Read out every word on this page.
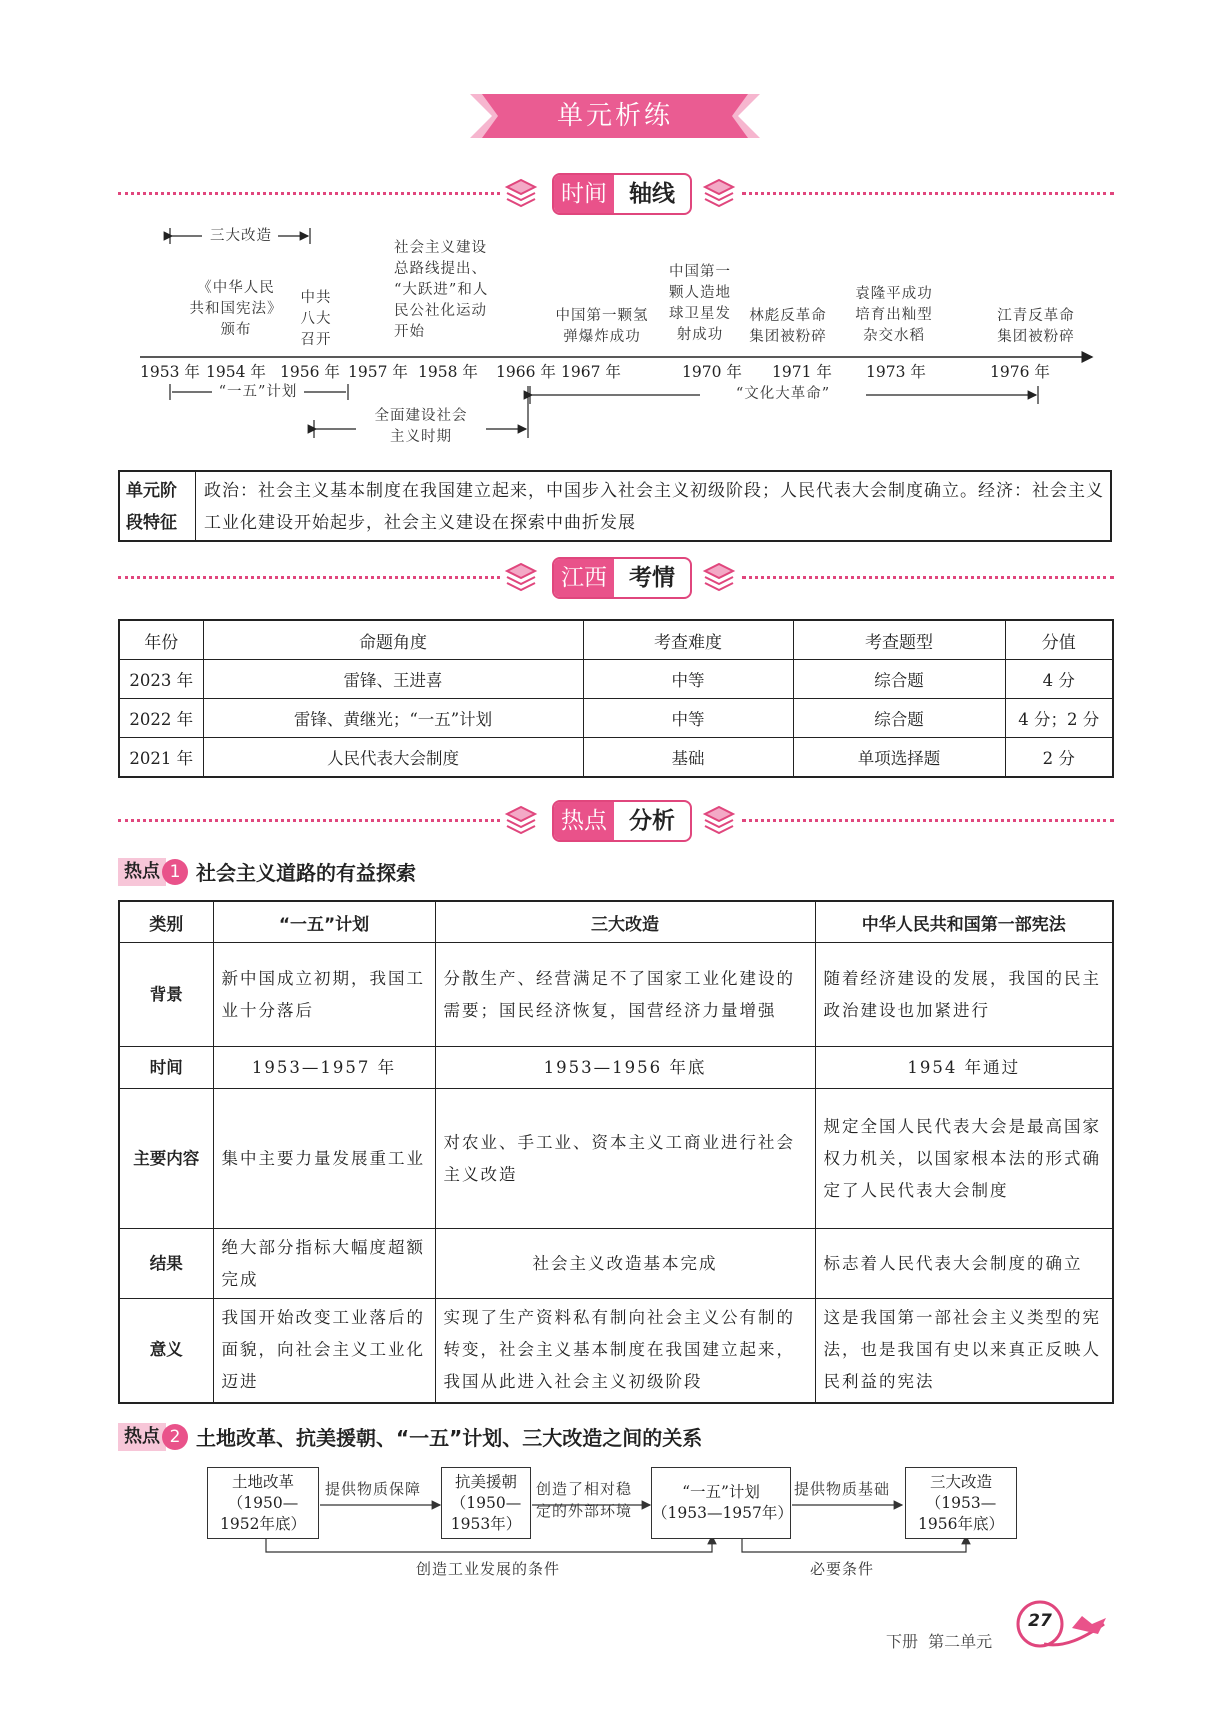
单元析练
时间 轴线
1953 年 1954 年 1956 年 1957 年 1958 年 1966 年 1967 年	1970 年 1971 年 1973 年	1976 年
三大改造
《中华人民
共和国宪法》
颁布
中共
八大
召开
社会主义建设
总路线提出、
“大跃进”和人
民公社化运动
开始
中国第一颗氢
弹爆炸成功
中国第一
颗人造地
球卫星发
射成功
林彪反革命
集团被粉碎
袁隆平成功
培育出籼型
杂交水稻
江青反革命
集团被粉碎
“一五”计划
全面建设社会
主义时期
“文化大革命”
单元阶段特征
政治：社会主义基本制度在我国建立起来，中国步入社会主义初级阶段；人民代表大会制度确立。经济：社会主义工业化建设开始起步，社会主义建设在探索中曲折发展
江西 考情
年份	命题角度	考查难度	考查题型	分值
2023 年	雷锋、王进喜	中等	综合题	4 分
2022 年	雷锋、黄继光；“一五”计划	中等	综合题	4 分；2 分
2021 年	人民代表大会制度	基础	单项选择题	2 分
热点 分析
热点 1 社会主义道路的有益探索
类别	“一五”计划	三大改造	中华人民共和国第一部宪法
背景	新中国成立初期，我国工业十分落后	分散生产、经营满足不了国家工业化建设的需要；国民经济恢复，国营经济力量增强	随着经济建设的发展，我国的民主政治建设也加紧进行
时间	1953—1957 年	1953—1956 年底	1954 年通过
主要内容	集中主要力量发展重工业	对农业、手工业、资本主义工商业进行社会主义改造	规定全国人民代表大会是最高国家权力机关，以国家根本法的形式确定了人民代表大会制度
结果	绝大部分指标大幅度超额完成	社会主义改造基本完成	标志着人民代表大会制度的确立
意义	我国开始改变工业落后的面貌，向社会主义工业化迈进	实现了生产资料私有制向社会主义公有制的转变，社会主义基本制度在我国建立起来，我国从此进入社会主义初级阶段	这是我国第一部社会主义类型的宪法，也是我国有史以来真正反映人民利益的宪法
热点 2 土地改革、抗美援朝、“一五”计划、三大改造之间的关系
土地改革
（1950—
1952年底）
抗美援朝
（1950—
1953年）
“一五”计划
（1953—1957年）
三大改造
（1953—
1956年底）
提供物质保障	创造了相对稳
定的外部环境
提供物质基础
创造工业发展的条件	必要条件
下册  第二单元
27
